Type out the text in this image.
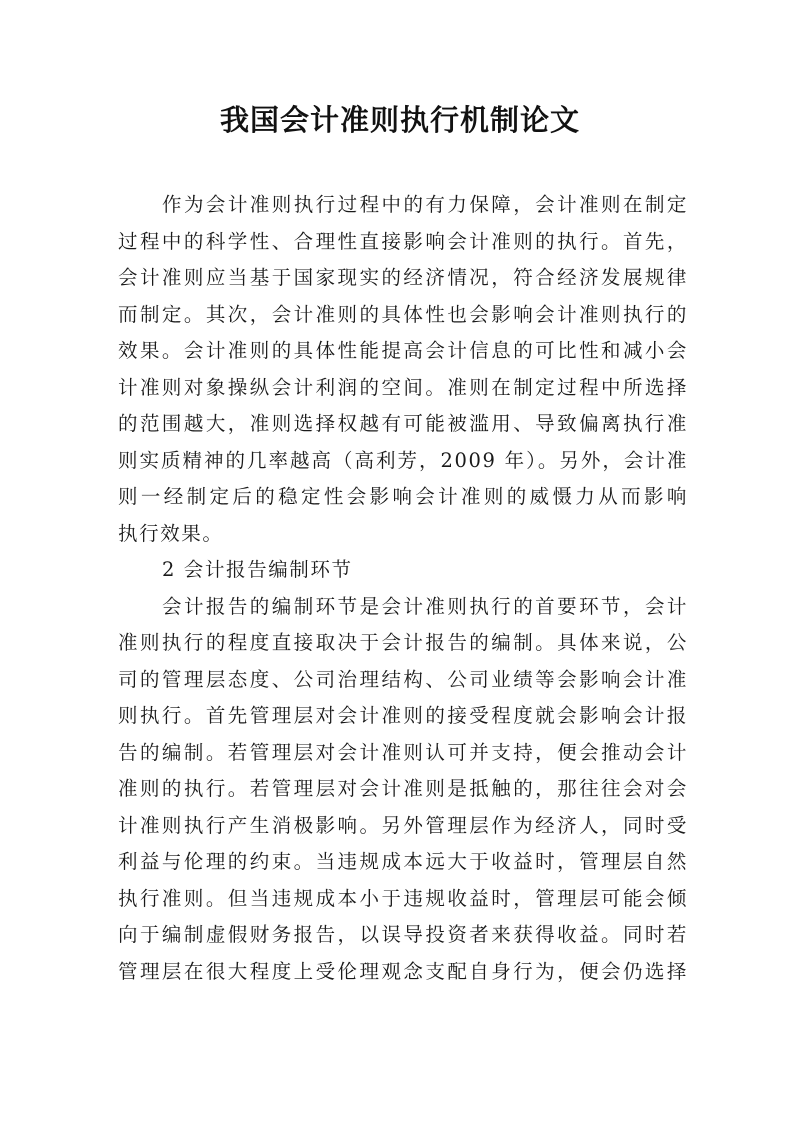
我国会计准则执行机制论文
作为会计准则执行过程中的有力保障，会计准则在制定
过程中的科学性、合理性直接影响会计准则的执行。首先，
会计准则应当基于国家现实的经济情况，符合经济发展规律
而制定。其次，会计准则的具体性也会影响会计准则执行的
效果。会计准则的具体性能提高会计信息的可比性和减小会
计准则对象操纵会计利润的空间。准则在制定过程中所选择
的范围越大，准则选择权越有可能被滥用、导致偏离执行准
则实质精神的几率越高（高利芳，2009 年）。另外，会计准
则一经制定后的稳定性会影响会计准则的威慑力从而影响
执行效果。
2 会计报告编制环节
会计报告的编制环节是会计准则执行的首要环节，会计
准则执行的程度直接取决于会计报告的编制。具体来说，公
司的管理层态度、公司治理结构、公司业绩等会影响会计准
则执行。首先管理层对会计准则的接受程度就会影响会计报
告的编制。若管理层对会计准则认可并支持，便会推动会计
准则的执行。若管理层对会计准则是抵触的，那往往会对会
计准则执行产生消极影响。另外管理层作为经济人，同时受
利益与伦理的约束。当违规成本远大于收益时，管理层自然
执行准则。但当违规成本小于违规收益时，管理层可能会倾
向于编制虚假财务报告，以误导投资者来获得收益。同时若
管理层在很大程度上受伦理观念支配自身行为，便会仍选择
